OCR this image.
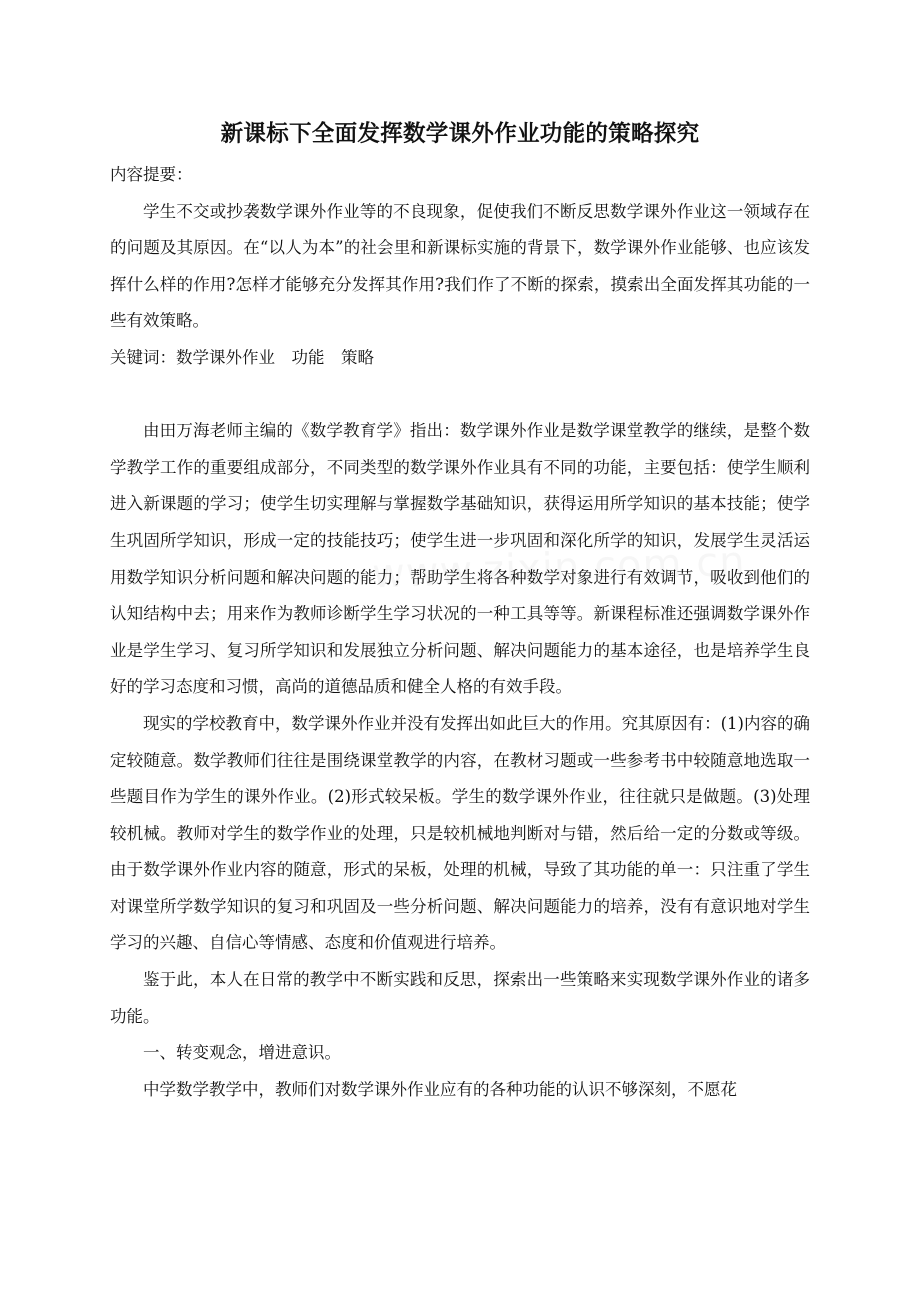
新课标下全面发挥数学课外作业功能的策略探究

内容提要：

学生不交或抄袭数学课外作业等的不良现象，促使我们不断反思数学课外作业这一领域存在的问题及其原因。在“以人为本”的社会里和新课标实施的背景下，数学课外作业能够、也应该发挥什么样的作用?怎样才能够充分发挥其作用?我们作了不断的探索，摸索出全面发挥其功能的一些有效策略。

关键词：数学课外作业　功能　策略

由田万海老师主编的《数学教育学》指出：数学课外作业是数学课堂教学的继续，是整个数学教学工作的重要组成部分，不同类型的数学课外作业具有不同的功能，主要包括：使学生顺利进入新课题的学习；使学生切实理解与掌握数学基础知识，获得运用所学知识的基本技能；使学生巩固所学知识，形成一定的技能技巧；使学生进一步巩固和深化所学的知识，发展学生灵活运用数学知识分析问题和解决问题的能力；帮助学生将各种数学对象进行有效调节，吸收到他们的认知结构中去；用来作为教师诊断学生学习状况的一种工具等等。新课程标准还强调数学课外作业是学生学习、复习所学知识和发展独立分析问题、解决问题能力的基本途径，也是培养学生良好的学习态度和习惯，高尚的道德品质和健全人格的有效手段。

现实的学校教育中，数学课外作业并没有发挥出如此巨大的作用。究其原因有：(1)内容的确定较随意。数学教师们往往是围绕课堂教学的内容，在教材习题或一些参考书中较随意地选取一些题目作为学生的课外作业。(2)形式较呆板。学生的数学课外作业，往往就只是做题。(3)处理较机械。教师对学生的数学作业的处理，只是较机械地判断对与错，然后给一定的分数或等级。由于数学课外作业内容的随意，形式的呆板，处理的机械，导致了其功能的单一：只注重了学生对课堂所学数学知识的复习和巩固及一些分析问题、解决问题能力的培养，没有有意识地对学生学习的兴趣、自信心等情感、态度和价值观进行培养。

鉴于此，本人在日常的教学中不断实践和反思，探索出一些策略来实现数学课外作业的诸多功能。

一、转变观念，增进意识。

中学数学教学中，教师们对数学课外作业应有的各种功能的认识不够深刻，不愿花
